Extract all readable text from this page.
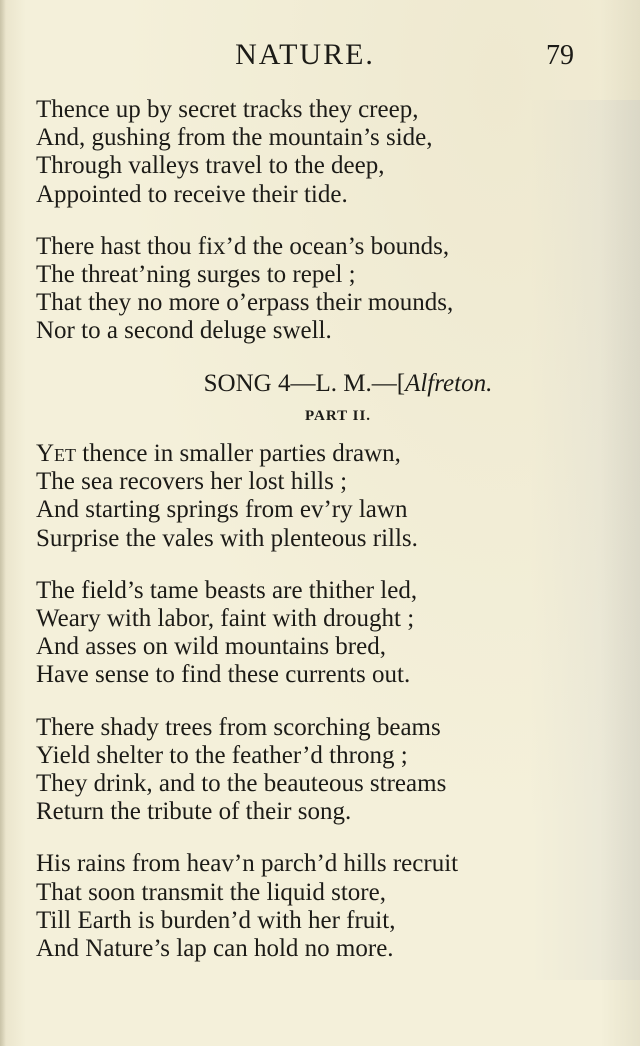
NATURE.	79
Thence up by secret tracks they creep,
And, gushing from the mountain’s side,
Through valleys travel to the deep,
Appointed to receive their tide.
There hast thou fix’d the ocean’s bounds,
The threat’ning surges to repel ;
That they no more o’erpass their mounds,
Nor to a second deluge swell.
SONG 4—L. M.—[Alfreton.
PART II.
Yet thence in smaller parties drawn,
The sea recovers her lost hills ;
And starting springs from ev’ry lawn
Surprise the vales with plenteous rills.
The field’s tame beasts are thither led,
Weary with labor, faint with drought ;
And asses on wild mountains bred,
Have sense to find these currents out.
There shady trees from scorching beams
Yield shelter to the feather’d throng ;
They drink, and to the beauteous streams
Return the tribute of their song.
His rains from heav’n parch’d hills recruit
That soon transmit the liquid store,
Till Earth is burden’d with her fruit,
And Nature’s lap can hold no more.
